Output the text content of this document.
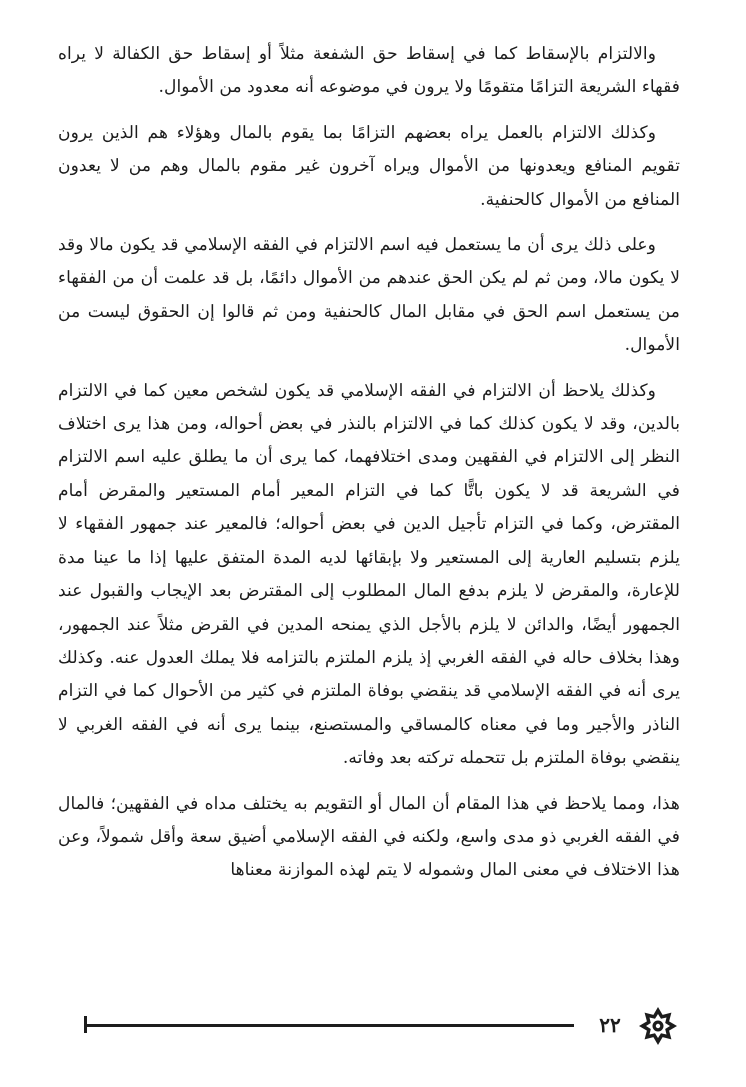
والالتزام بالإسقاط كما في إسقاط حق الشفعة مثلاً أو إسقاط حق الكفالة لا يراه فقهاء الشريعة التزامًا متقومًا ولا يرون في موضوعه أنه معدود من الأموال.

وكذلك الالتزام بالعمل يراه بعضهم التزامًا بما يقوم بالمال وهؤلاء هم الذين يرون تقويم المنافع ويعدونها من الأموال ويراه آخرون غير مقوم بالمال وهم من لا يعدون المنافع من الأموال كالحنفية.

وعلى ذلك يرى أن ما يستعمل فيه اسم الالتزام في الفقه الإسلامي قد يكون مالا وقد لا يكون مالا، ومن ثم لم يكن الحق عندهم من الأموال دائمًا، بل قد علمت أن من الفقهاء من يستعمل اسم الحق في مقابل المال كالحنفية ومن ثم قالوا إن الحقوق ليست من الأموال.

وكذلك يلاحظ أن الالتزام في الفقه الإسلامي قد يكون لشخص معين كما في الالتزام بالدين، وقد لا يكون كذلك كما في الالتزام بالنذر في بعض أحواله، ومن هذا يرى اختلاف النظر إلى الالتزام في الفقهين ومدى اختلافهما، كما يرى أن ما يطلق عليه اسم الالتزام في الشريعة قد لا يكون باتًّا كما في التزام المعير أمام المستعير والمقرض أمام المقترض، وكما في التزام تأجيل الدين في بعض أحواله؛ فالمعير عند جمهور الفقهاء لا يلزم بتسليم العارية إلى المستعير ولا بإبقائها لديه المدة المتفق عليها إذا ما عينا مدة للإعارة، والمقرض لا يلزم بدفع المال المطلوب إلى المقترض بعد الإيجاب والقبول عند الجمهور أيضًا، والدائن لا يلزم بالأجل الذي يمنحه المدين في القرض مثلاً عند الجمهور، وهذا بخلاف حاله في الفقه الغربي إذ يلزم الملتزم بالتزامه فلا يملك العدول عنه. وكذلك يرى أنه في الفقه الإسلامي قد ينقضي بوفاة الملتزم في كثير من الأحوال كما في التزام الناذر والأجير وما في معناه كالمساقي والمستصنع، بينما يرى أنه في الفقه الغربي لا ينقضي بوفاة الملتزم بل تتحمله تركته بعد وفاته.

هذا، ومما يلاحظ في هذا المقام أن المال أو التقويم به يختلف مداه في الفقهين؛ فالمال في الفقه الغربي ذو مدى واسع، ولكنه في الفقه الإسلامي أضيق سعة وأقل شمولاً، وعن هذا الاختلاف في معنى المال وشموله لا يتم لهذه الموازنة معناها

٢٢
